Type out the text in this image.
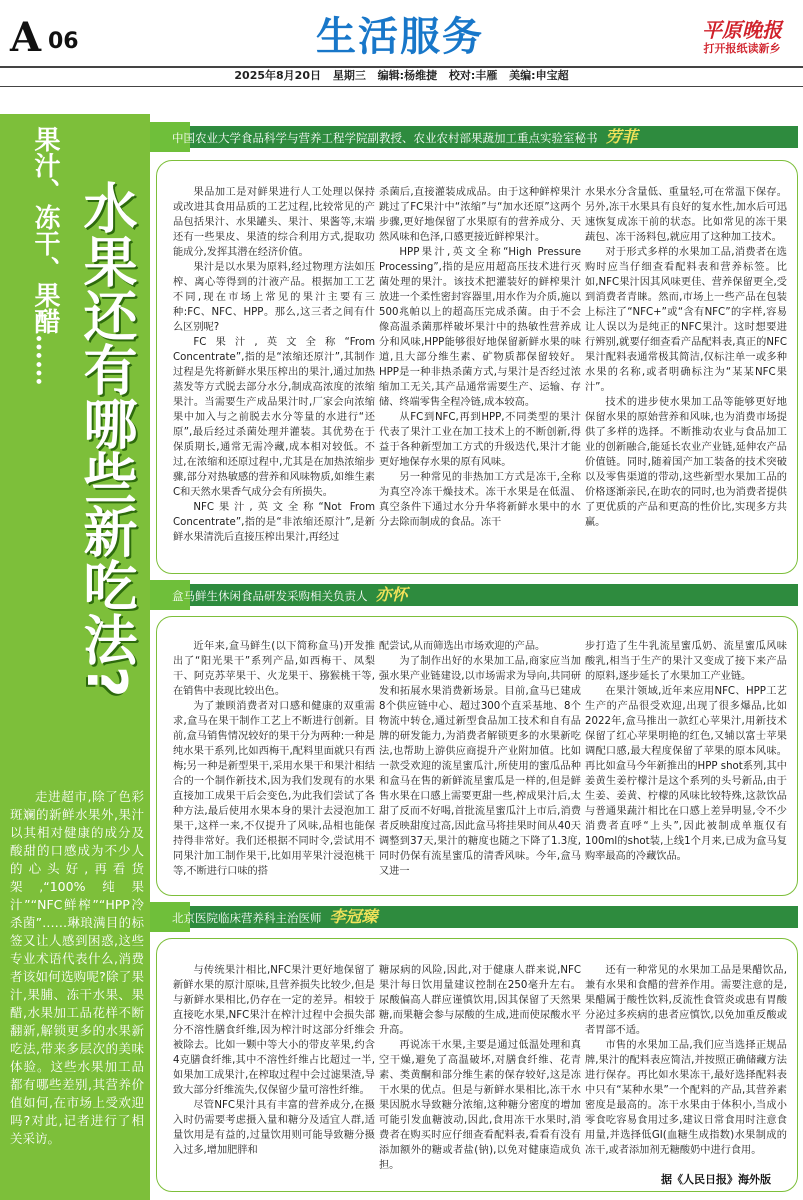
A 06	生活服务	平原晚报
打开报纸读新乡
2025年8月20日 星期三 编辑:杨维捷 校对:丰雁 美编:申宝超
果汁、冻干、果醋…… 水果还有哪些新吃法?
走进超市,除了色彩斑斓的新鲜水果外,果汁以其相对健康的成分及酸甜的口感成为不少人的心头好,再看货架,“100%纯果汁”“NFC鲜榨”“HPP冷杀菌”……琳琅满目的标签又让人感到困惑,这些专业术语代表什么,消费者该如何选购呢?除了果汁,果脯、冻干水果、果醋,水果加工品花样不断翻新,解锁更多的水果新吃法,带来多层次的美味体验。这些水果加工品都有哪些差别,其营养价值如何,在市场上受欢迎吗?对此,记者进行了相关采访。
中国农业大学食品科学与营养工程学院副教授、农业农村部果蔬加工重点实验室秘书 劳菲

果品加工是对鲜果进行人工处理以保持或改进其食用品质的工艺过程,比较常见的产品包括果汁、水果罐头、果汁、果酱等,末端还有一些果皮、果渣的综合利用方式,提取功能成分,发挥其潜在经济价值。

果汁是以水果为原料,经过物理方法如压榨、离心等得到的汁液产品。根据加工工艺不同,现在市场上常见的果汁主要有三种:FC、NFC、HPP。那么,这三者之间有什么区别呢?

FC果汁,英文全称“From Concentrate”,指的是“浓缩还原汁”,其制作过程是先将新鲜水果压榨出的果汁,通过加热蒸发等方式脱去部分水分,制成高浓度的浓缩果汁。当需要生产成品果汁时,厂家会向浓缩果中加入与之前脱去水分等量的水进行“还原”,最后经过杀菌处理并灌装。其优势在于保质期长,通常无需冷藏,成本相对较低。不过,在浓缩和还原过程中,尤其是在加热浓缩步骤,部分对热敏感的营养和风味物质,如维生素C和天然水果香气成分会有所损失。

NFC果汁,英文全称“Not From Concentrate”,指的是“非浓缩还原汁”,是新鲜水果清洗后直接压榨出果汁,再经过

杀菌后,直接灌装成成品。由于这种鲜榨果汁跳过了FC果汁中“浓缩”与“加水还原”这两个步骤,更好地保留了水果原有的营养成分、天然风味和色泽,口感更接近鲜榨果汁。

HPP果汁,英文全称“High Pressure Processing”,指的是应用超高压技术进行灭菌处理的果汁。该技术把灌装好的鲜榨果汁放进一个柔性密封容器里,用水作为介质,施以500兆帕以上的超高压完成杀菌。由于不会像高温杀菌那样破坏果汁中的热敏性营养成分和风味,HPP能够很好地保留新鲜水果的味道,且大部分维生素、矿物质都保留较好。HPP是一种非热杀菌方式,与果汁是否经过浓缩加工无关,其产品通常需要生产、运输、存储、终端零售全程冷链,成本较高。

从FC到NFC,再到HPP,不同类型的果汁代表了果汁工业在加工技术上的不断创新,得益于各种新型加工方式的升级迭代,果汁才能更好地保存水果的原有风味。

另一种常见的非热加工方式是冻干,全称为真空冷冻干燥技术。冻干水果是在低温、真空条件下通过水分升华将新鲜水果中的水分去除而制成的食品。冻干

水果水分含量低、重量轻,可在常温下保存。另外,冻干水果具有良好的复水性,加水后可迅速恢复成冻干前的状态。比如常见的冻干果蔬包、冻干汤料包,就应用了这种加工技术。

对于形式多样的水果加工品,消费者在选购时应当仔细查看配料表和营养标签。比如,NFC果汁因其风味更佳、营养保留更全,受到消费者青睐。然而,市场上一些产品在包装上标注了“NFC+”或“含有NFC”的字样,容易让人误以为是纯正的NFC果汁。这时想要进行辨别,就要仔细查看产品配料表,真正的NFC果汁配料表通常极其简洁,仅标注单一或多种水果的名称,或者明确标注为“某某NFC果汁”。

技术的进步使水果加工品等能够更好地保留水果的原始营养和风味,也为消费市场提供了多样的选择。不断推动农业与食品加工业的创新融合,能延长农业产业链,延伸农产品价值链。同时,随着国产加工装备的技术突破以及零售渠道的带动,这些新型水果加工品的价格逐渐亲民,在助农的同时,也为消费者提供了更优质的产品和更高的性价比,实现多方共赢。

盒马鲜生休闲食品研发采购相关负责人 亦怀

近年来,盒马鲜生(以下简称盒马)开发推出了“阳光果干”系列产品,如西梅干、凤梨干、阿克苏苹果干、火龙果干、猕猴桃干等,在销售中表现比较出色。

为了兼顾消费者对口感和健康的双重需求,盒马在果干制作工艺上不断进行创新。目前,盒马销售情况较好的果干分为两种:一种是纯水果干系列,比如西梅干,配料里面就只有西梅;另一种是新型果干,采用水果干和果汁相结合的一个制作新技术,因为我们发现有的水果直接加工成果干后会变色,为此我们尝试了各种方法,最后使用水果本身的果汁去浸泡加工果干,这样一来,不仅提升了风味,品相也能保持得非常好。我们还根据不同时令,尝试用不同果汁加工制作果干,比如用苹果汁浸泡桃干等,不断进行口味的搭

配尝试,从而筛选出市场欢迎的产品。

为了制作出好的水果加工品,商家应当加强水果产业链建设,以市场需求为导向,共同研发和拓展水果消费新场景。目前,盒马已建成8个供应链中心、超过300个直采基地、8个物流中转仓,通过新型食品加工技术和自有品牌的研发能力,为消费者解锁更多的水果新吃法,也帮助上游供应商提升产业附加值。比如一款受欢迎的流星蜜瓜汁,所使用的蜜瓜品种和盒马在售的新鲜流星蜜瓜是一样的,但是鲜售水果在口感上需要更甜一些,榨成果汁后,太甜了反而不好喝,首批流星蜜瓜汁上市后,消费者反映甜度过高,因此盒马将挂果时间从40天调整到37天,果汁的糖度也随之下降了1.3度,同时仍保有流星蜜瓜的清香风味。今年,盒马又进一

步打造了生牛乳流星蜜瓜奶、流星蜜瓜风味酸乳,相当于生产的果汁又变成了接下来产品的原料,逐步延长了水果加工产业链。

在果汁领域,近年来应用NFC、HPP工艺生产的产品很受欢迎,出现了很多爆品,比如2022年,盒马推出一款红心苹果汁,用新技术保留了红心苹果明艳的红色,又辅以富士苹果调配口感,最大程度保留了苹果的原本风味。再比如盒马今年新推出的HPP shot系列,其中姜黄生姜柠檬汁是这个系列的头号新品,由于生姜、姜黄、柠檬的风味比较特殊,这款饮品与普通果蔬汁相比在口感上差异明显,令不少消费者直呼“上头”,因此被制成单瓶仅有100ml的shot装,上线1个月来,已成为盒马复购率最高的冷藏饮品。

北京医院临床营养科主治医师 李冠臻

与传统果汁相比,NFC果汁更好地保留了新鲜水果的原汁原味,且营养损失比较少,但是与新鲜水果相比,仍存在一定的差异。相较于直接吃水果,NFC果汁在榨汁过程中会损失部分不溶性膳食纤维,因为榨汁时这部分纤维会被除去。比如一颗中等大小的带皮苹果,约含4克膳食纤维,其中不溶性纤维占比超过一半,如果加工成果汁,在榨取过程中会过滤果渣,导致大部分纤维流失,仅保留少量可溶性纤维。

尽管NFC果汁具有丰富的营养成分,在摄入时仍需要考虑摄入量和糖分及适宜人群,适量饮用是有益的,过量饮用则可能导致糖分摄入过多,增加肥胖和

糖尿病的风险,因此,对于健康人群来说,NFC果汁每日饮用量建议控制在250毫升左右。尿酸偏高人群应谨慎饮用,因其保留了天然果糖,而果糖会参与尿酸的生成,进而使尿酸水平升高。

再说冻干水果,主要是通过低温处理和真空干燥,避免了高温破坏,对膳食纤维、花青素、类黄酮和部分维生素的保存较好,这是冻干水果的优点。但是与新鲜水果相比,冻干水果因脱水导致糖分浓缩,这种糖分密度的增加可能引发血糖波动,因此,食用冻干水果时,消费者在购买时应仔细查看配料表,看看有没有添加额外的糖或者盐(钠),以免对健康造成负担。

还有一种常见的水果加工品是果醋饮品,兼有水果和食醋的营养作用。需要注意的是,果醋属于酸性饮料,反流性食管炎或患有胃酸分泌过多疾病的患者应慎饮,以免加重反酸或者胃部不适。

市售的水果加工品,我们应当选择正规品牌,果汁的配料表应简洁,并按照正确储藏方法进行保存。再比如水果冻干,最好选择配料表中只有“某种水果”一个配料的产品,其营养素密度是最高的。冻干水果由于体积小,当成小零食吃容易食用过多,建议日常食用时注意食用量,并选择低GI(血糖生成指数)水果制成的冻干,或者添加剂无糖酸奶中进行食用。

据《人民日报》海外版
